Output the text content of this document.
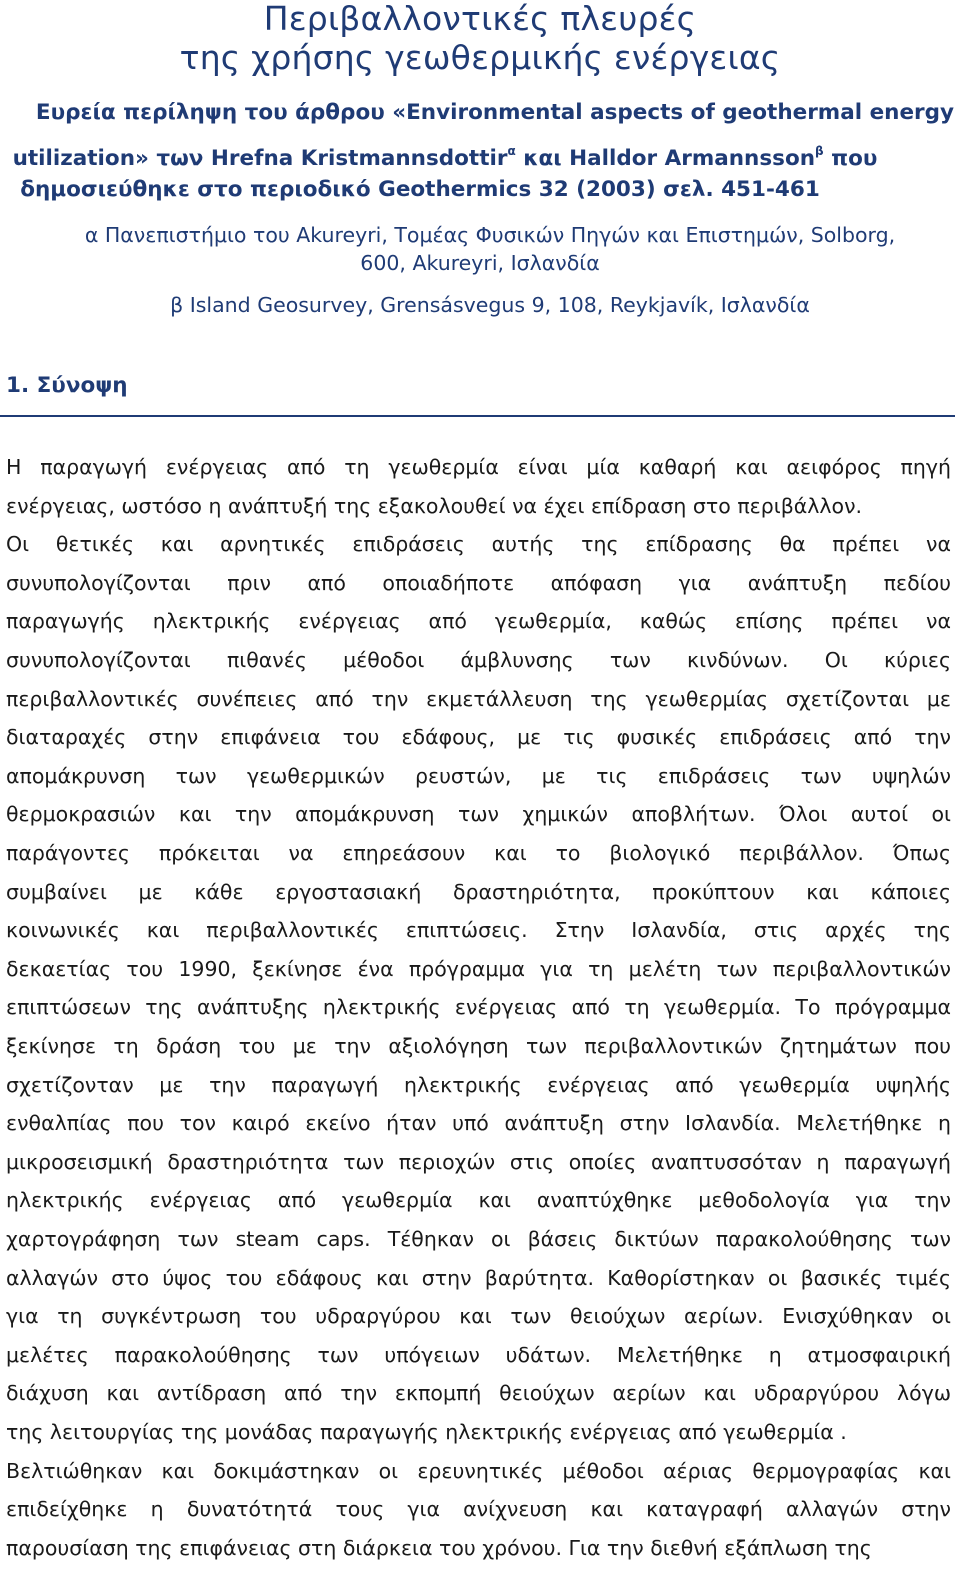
Περιβαλλοντικές πλευρές
της χρήσης γεωθερμικής ενέργειας
Ευρεία περίληψη του άρθρου «Environmental aspects of geothermal energy
utilization» των Hrefna Kristmannsdottir$^\alpha$ και Halldor Armannsson$^\beta$ που
δημοσιεύθηκε στο περιοδικό Geothermics 32 (2003) σελ. 451-461
α Πανεπιστήμιο του Akureyri, Τομέας Φυσικών Πηγών και Επιστημών, Solborg,
600, Akureyri, Ισλανδία
β Island Geosurvey, Grensásvegus 9, 108, Reykjavík, Ισλανδία
1. Σύνοψη
Η παραγωγή ενέργειας από τη γεωθερμία είναι μία καθαρή και αειφόρος πηγή
ενέργειας, ωστόσο η ανάπτυξή της εξακολουθεί να έχει επίδραση στο περιβάλλον.
Οι θετικές και αρνητικές επιδράσεις αυτής της επίδρασης θα πρέπει να
συνυπολογίζονται πριν από οποιαδήποτε απόφαση για ανάπτυξη πεδίου
παραγωγής ηλεκτρικής ενέργειας από γεωθερμία, καθώς επίσης πρέπει να
συνυπολογίζονται πιθανές μέθοδοι άμβλυνσης των κινδύνων. Οι κύριες
περιβαλλοντικές συνέπειες από την εκμετάλλευση της γεωθερμίας σχετίζονται με
διαταραχές στην επιφάνεια του εδάφους, με τις φυσικές επιδράσεις από την
απομάκρυνση των γεωθερμικών ρευστών, με τις επιδράσεις των υψηλών
θερμοκρασιών και την απομάκρυνση των χημικών αποβλήτων. Όλοι αυτοί οι
παράγοντες πρόκειται να επηρεάσουν και το βιολογικό περιβάλλον. Όπως
συμβαίνει με κάθε εργοστασιακή δραστηριότητα, προκύπτουν και κάποιες
κοινωνικές και περιβαλλοντικές επιπτώσεις. Στην Ισλανδία, στις αρχές της
δεκαετίας του 1990, ξεκίνησε ένα πρόγραμμα για τη μελέτη των περιβαλλοντικών
επιπτώσεων της ανάπτυξης ηλεκτρικής ενέργειας από τη γεωθερμία. Το πρόγραμμα
ξεκίνησε τη δράση του με την αξιολόγηση των περιβαλλοντικών ζητημάτων που
σχετίζονταν με την παραγωγή ηλεκτρικής ενέργειας από γεωθερμία υψηλής
ενθαλπίας που τον καιρό εκείνο ήταν υπό ανάπτυξη στην Ισλανδία. Μελετήθηκε η
μικροσεισμική δραστηριότητα των περιοχών στις οποίες αναπτυσσόταν η παραγωγή
ηλεκτρικής ενέργειας από γεωθερμία και αναπτύχθηκε μεθοδολογία για την
χαρτογράφηση των steam caps. Τέθηκαν οι βάσεις δικτύων παρακολούθησης των
αλλαγών στο ύψος του εδάφους και στην βαρύτητα. Καθορίστηκαν οι βασικές τιμές
για τη συγκέντρωση του υδραργύρου και των θειούχων αερίων. Ενισχύθηκαν οι
μελέτες παρακολούθησης των υπόγειων υδάτων. Μελετήθηκε η ατμοσφαιρική
διάχυση και αντίδραση από την εκπομπή θειούχων αερίων και υδραργύρου λόγω
της λειτουργίας της μονάδας παραγωγής ηλεκτρικής ενέργειας από γεωθερμία .
Βελτιώθηκαν και δοκιμάστηκαν οι ερευνητικές μέθοδοι αέριας θερμογραφίας και
επιδείχθηκε η δυνατότητά τους για ανίχνευση και καταγραφή αλλαγών στην
παρουσίαση της επιφάνειας στη διάρκεια του χρόνου. Για την διεθνή εξάπλωση της
